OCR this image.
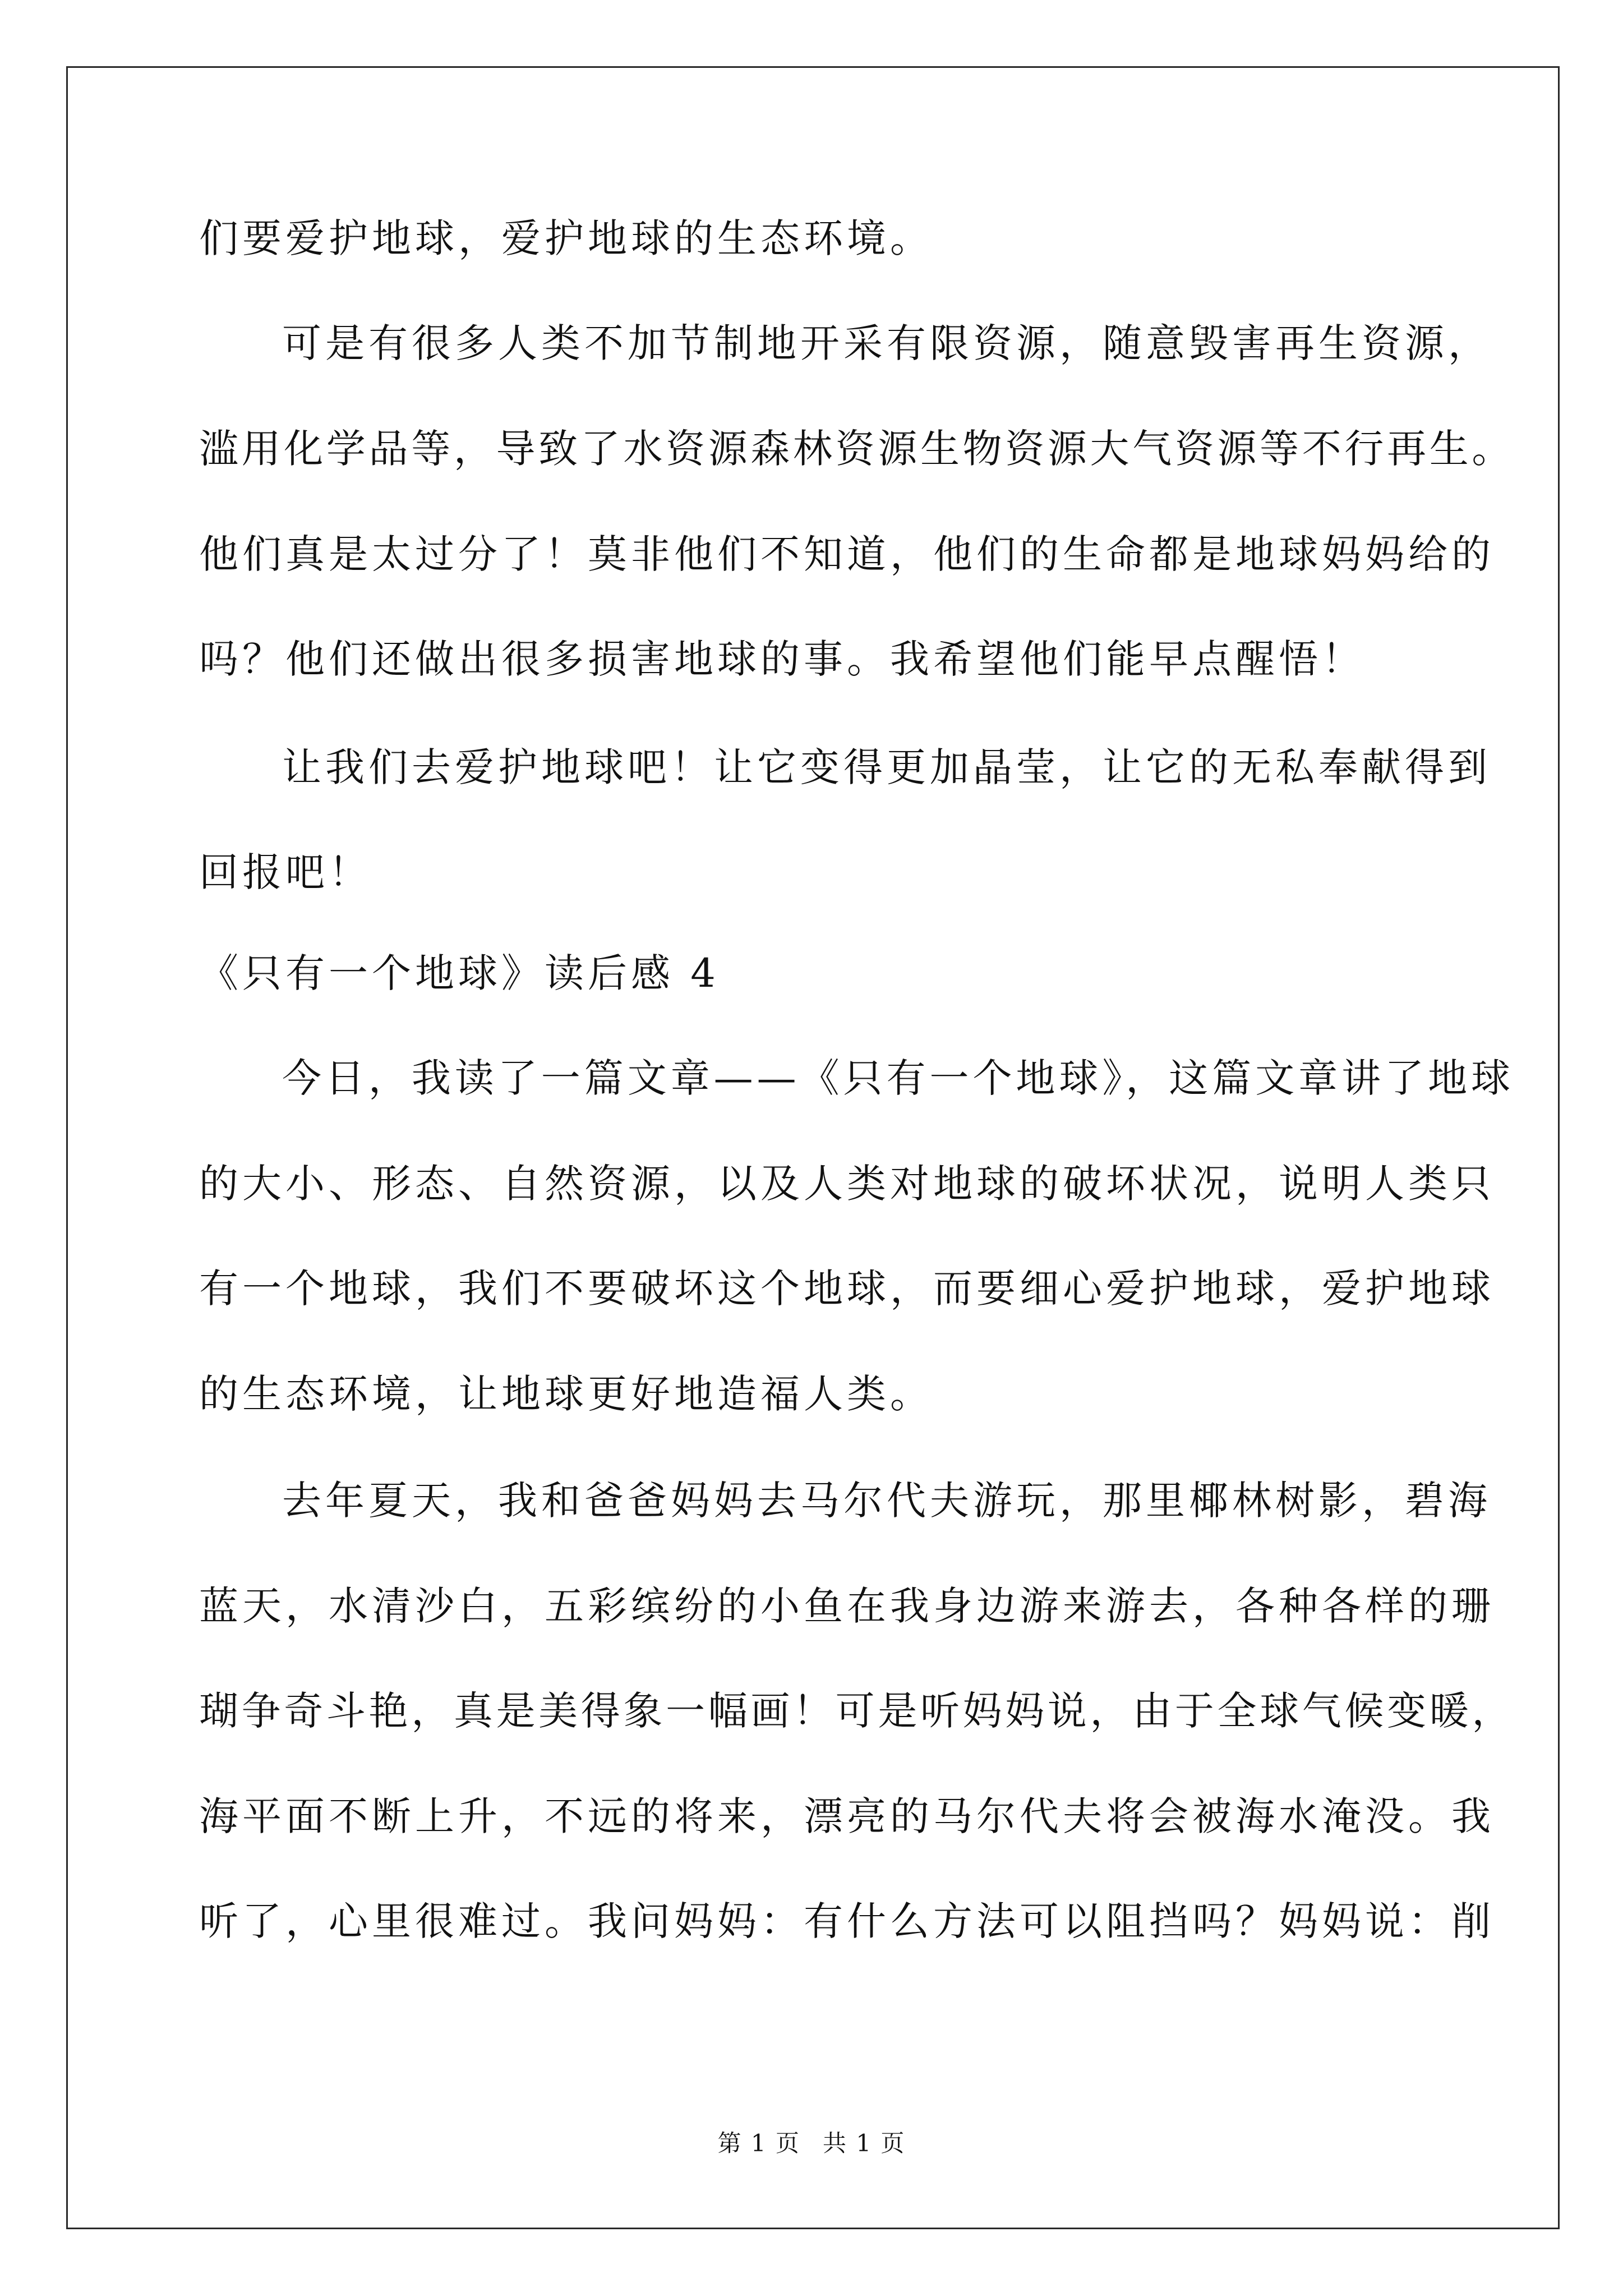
们要爱护地球，爱护地球的生态环境。
可是有很多人类不加节制地开采有限资源，随意毁害再生资源，
滥用化学品等，导致了水资源森林资源生物资源大气资源等不行再生。
他们真是太过分了！莫非他们不知道，他们的生命都是地球妈妈给的
吗？他们还做出很多损害地球的事。我希望他们能早点醒悟！
让我们去爱护地球吧！让它变得更加晶莹，让它的无私奉献得到
回报吧！
《只有一个地球》读后感 4
今日，我读了一篇文章——《只有一个地球》，这篇文章讲了地球
的大小、形态、自然资源，以及人类对地球的破坏状况，说明人类只
有一个地球，我们不要破坏这个地球，而要细心爱护地球，爱护地球
的生态环境，让地球更好地造福人类。
去年夏天，我和爸爸妈妈去马尔代夫游玩，那里椰林树影，碧海
蓝天，水清沙白，五彩缤纷的小鱼在我身边游来游去，各种各样的珊
瑚争奇斗艳，真是美得象一幅画！可是听妈妈说，由于全球气候变暖，
海平面不断上升，不远的将来，漂亮的马尔代夫将会被海水淹没。我
听了，心里很难过。我问妈妈：有什么方法可以阻挡吗？妈妈说：削
第 1 页 共 1 页
